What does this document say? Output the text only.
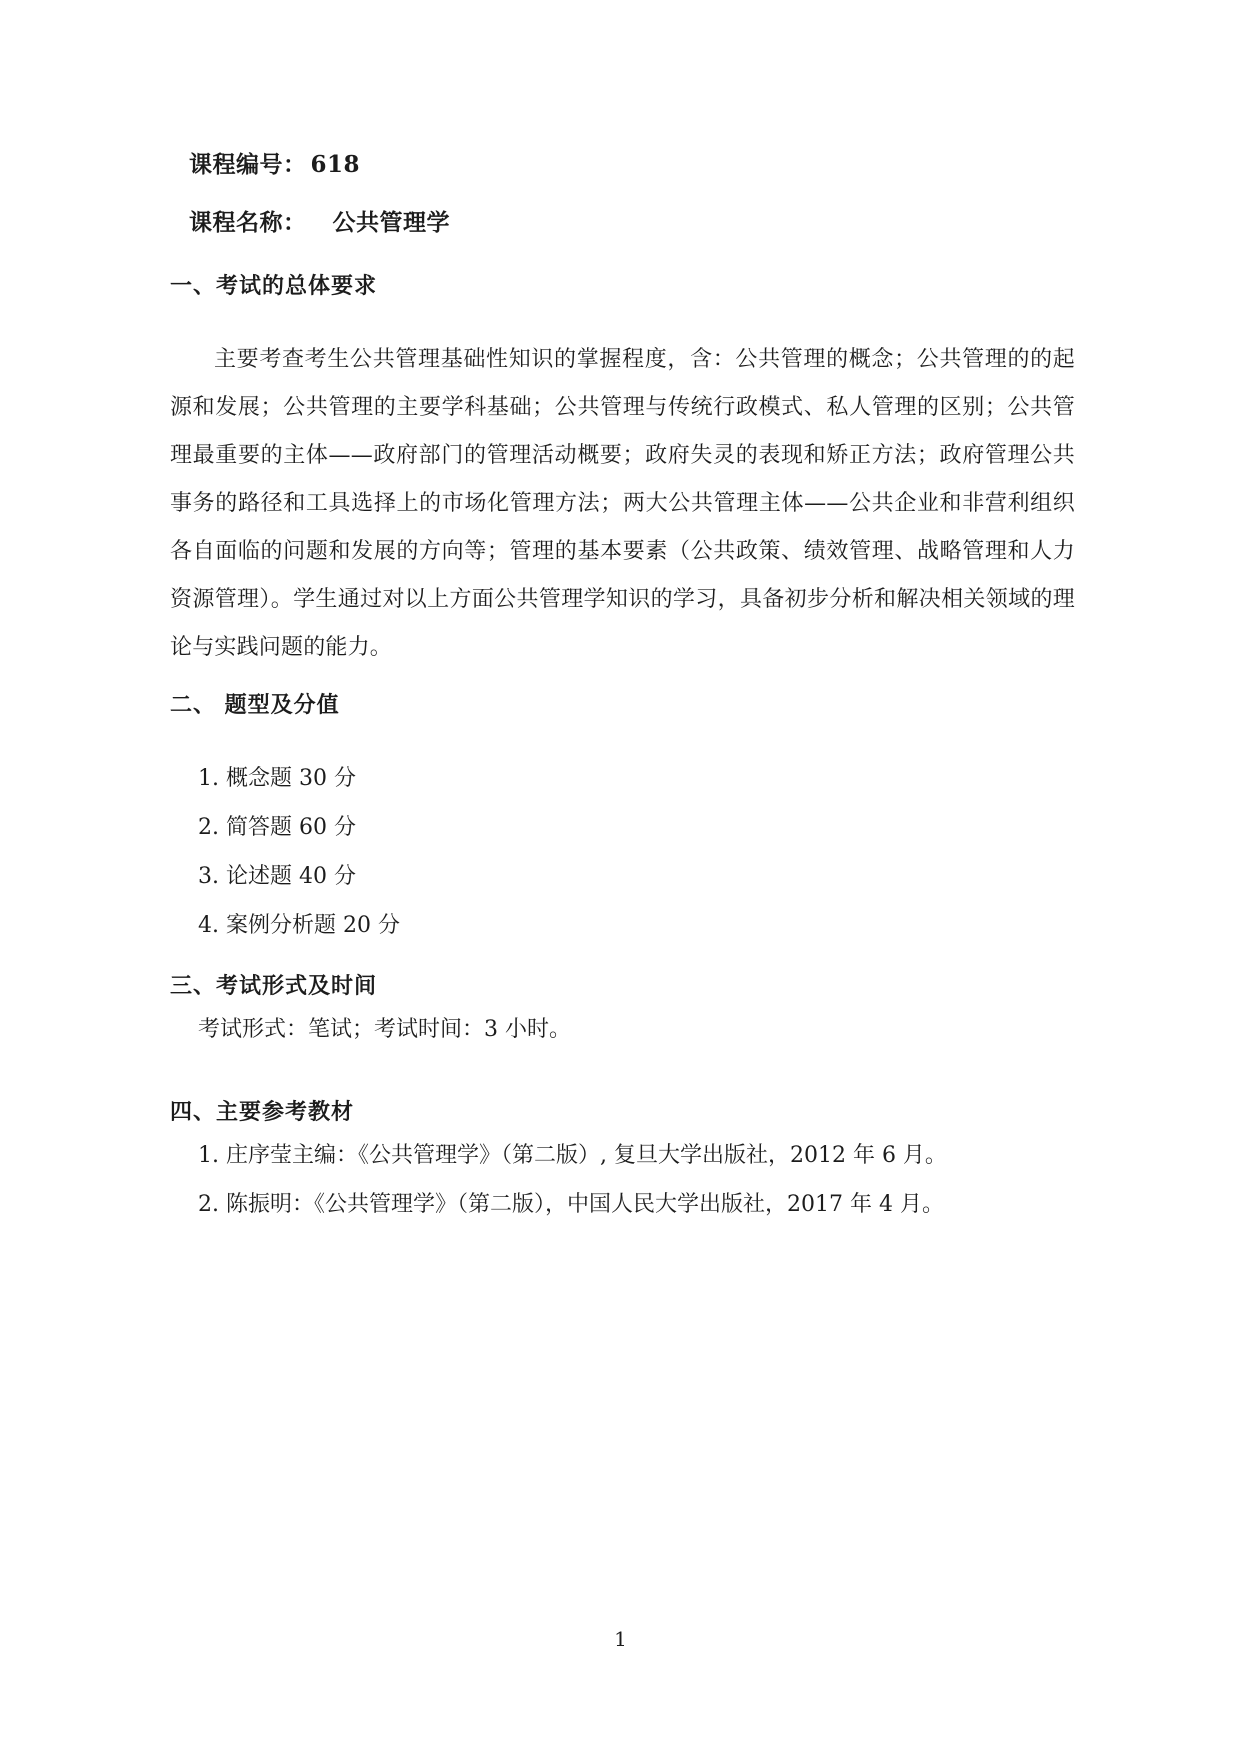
课程编号： 618
课程名称： 公共管理学
一、考试的总体要求
主要考查考生公共管理基础性知识的掌握程度，含：公共管理的概念；公共管理的的起源和发展；公共管理的主要学科基础；公共管理与传统行政模式、私人管理的区别；公共管理最重要的主体——政府部门的管理活动概要；政府失灵的表现和矫正方法；政府管理公共事务的路径和工具选择上的市场化管理方法；两大公共管理主体——公共企业和非营利组织各自面临的问题和发展的方向等；管理的基本要素（公共政策、绩效管理、战略管理和人力资源管理）。学生通过对以上方面公共管理学知识的学习，具备初步分析和解决相关领域的理论与实践问题的能力。
二、 题型及分值
1. 概念题 30 分
2. 简答题 60 分
3. 论述题 40 分
4. 案例分析题 20 分
三、考试形式及时间
考试形式：笔试；考试时间：3 小时。
四、主要参考教材
1. 庄序莹主编：《公共管理学》（第二版）, 复旦大学出版社，2012 年 6 月。
2. 陈振明：《公共管理学》（第二版），中国人民大学出版社，2017 年 4 月。
1
